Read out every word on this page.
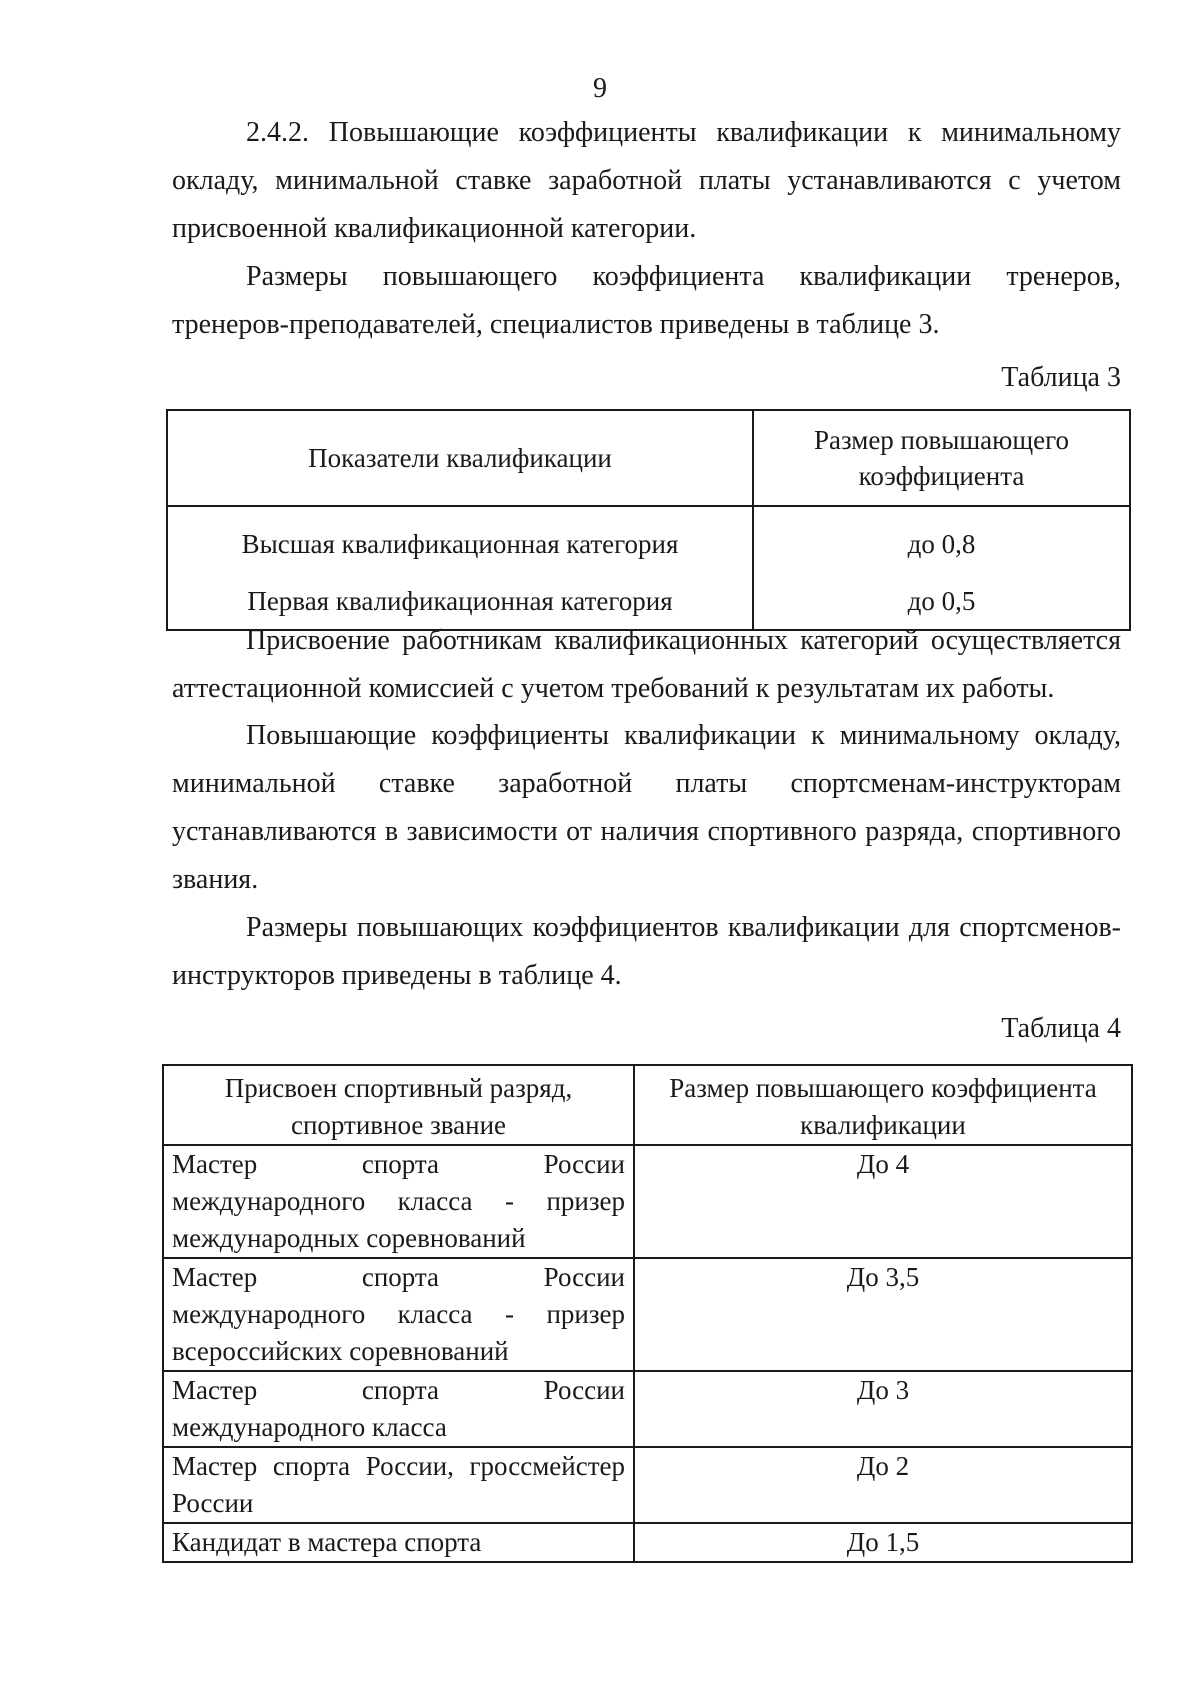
9

2.4.2. Повышающие коэффициенты квалификации к минимальному окладу, минимальной ставке заработной платы устанавливаются с учетом присвоенной квалификационной категории.

Размеры повышающего коэффициента квалификации тренеров, тренеров-преподавателей, специалистов приведены в таблице 3.

Таблица 3
Показатели квалификации	Размер повышающего коэффициента

Высшая квалификационная категория	до 0,8
Первая квалификационная категория	до 0,5

Присвоение работникам квалификационных категорий осуществляется аттестационной комиссией с учетом требований к результатам их работы.

Повышающие коэффициенты квалификации к минимальному окладу, минимальной ставке заработной платы спортсменам-инструкторам устанавливаются в зависимости от наличия спортивного разряда, спортивного звания.

Размеры повышающих коэффициентов квалификации для спортсменов-инструкторов приведены в таблице 4.

Таблица 4
Присвоен спортивный разряд, спортивное звание	Размер повышающего коэффициента квалификации

Мастер спорта России международного класса - призер международных соревнований	До 4
Мастер спорта России международного класса - призер всероссийских соревнований	До 3,5
Мастер спорта России международного класса	До 3
Мастер спорта России, гроссмейстер России	До 2
Кандидат в мастера спорта	До 1,5
